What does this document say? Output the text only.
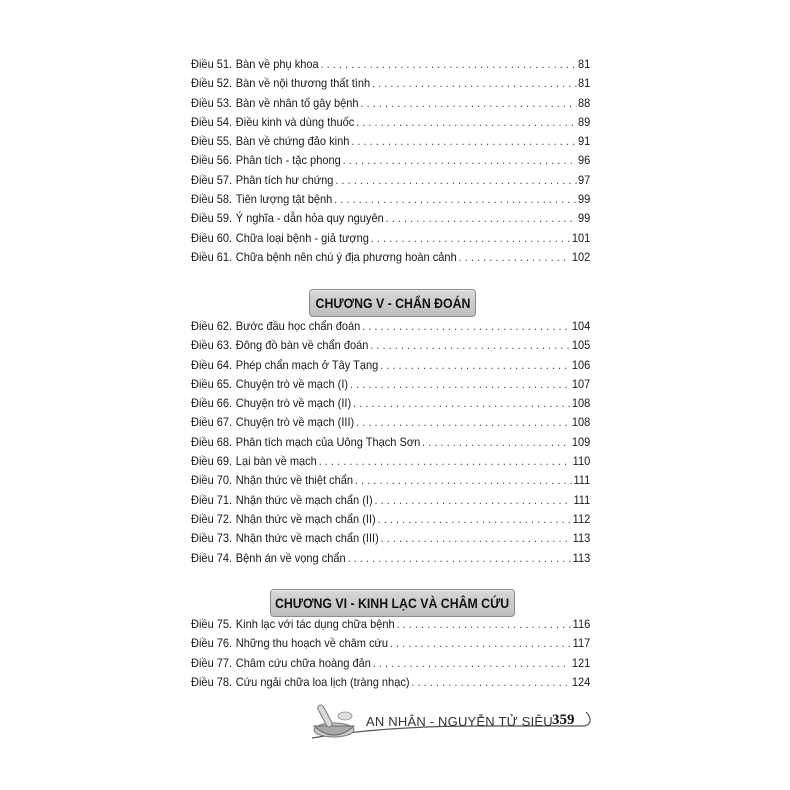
Điều 51. Bàn về phụ khoa . . .	81
Điều 52. Bàn về nội thương thất tình . . .	81
Điều 53. Bàn về nhân tố gây bệnh . . .	88
Điều 54. Điều kinh và dùng thuốc . . .	89
Điều 55. Bàn về chứng đảo kinh . . .	91
Điều 56. Phân tích - tặc phong . . .	96
Điều 57. Phân tích hư chứng . . .	97
Điều 58. Tiên lượng tật bệnh . . .	99
Điều 59. Ý nghĩa - dẫn hỏa quy nguyên . . .	99
Điều 60. Chữa loại bệnh - giả tượng . . .	101
Điều 61. Chữa bệnh nên chú ý địa phương hoàn cảnh . . .	102
CHƯƠNG V - CHẨN ĐOÁN
Điều 62. Bước đầu học chẩn đoán . . .	104
Điều 63. Đông đồ bàn về chẩn đoán . . .	105
Điều 64. Phép chẩn mạch ở Tây Tạng . . .	106
Điều 65. Chuyện trò về mạch (I) . . .	107
Điều 66. Chuyện trò về mạch (II) . . .	108
Điều 67. Chuyện trò về mạch (III) . . .	108
Điều 68. Phân tích mạch của Uông Thạch Sơn . . .	109
Điều 69. Lại bàn về mạch . . .	110
Điều 70. Nhận thức về thiệt chẩn . . .	111
Điều 71. Nhận thức về mạch chẩn (I) . . .	111
Điều 72. Nhận thức về mạch chẩn (II) . . .	112
Điều 73. Nhận thức về mạch chẩn (III) . . .	113
Điều 74. Bệnh án về vọng chẩn . . .	113
CHƯƠNG VI - KINH LẠC VÀ CHÂM CỨU
Điều 75. Kinh lạc với tác dụng chữa bệnh . . .	116
Điều 76. Những thu hoạch về châm cứu . . .	117
Điều 77. Châm cứu chữa hoàng đản . . .	121
Điều 78. Cứu ngải chữa loa lịch (tràng nhạc) . . .	124
AN NHÂN - NGUYỄN TỬ SIÊU 359
